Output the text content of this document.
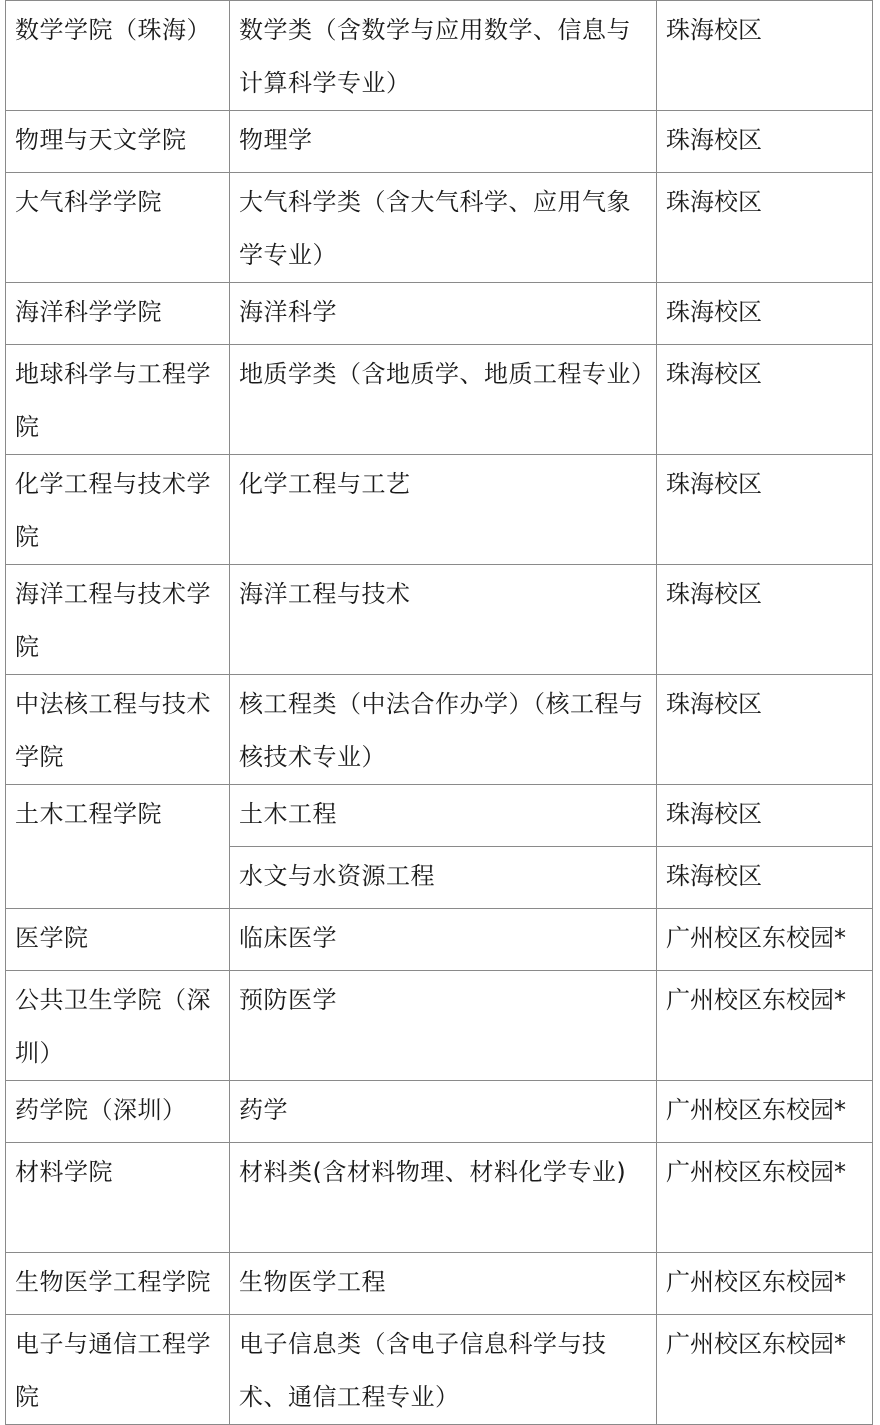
数学学院（珠海）	数学类（含数学与应用数学、信息与计算科学专业）	珠海校区
物理与天文学院	物理学	珠海校区
大气科学学院	大气科学类（含大气科学、应用气象学专业）	珠海校区
海洋科学学院	海洋科学	珠海校区
地球科学与工程学院	地质学类（含地质学、地质工程专业）	珠海校区
化学工程与技术学院	化学工程与工艺	珠海校区
海洋工程与技术学院	海洋工程与技术	珠海校区
中法核工程与技术学院	核工程类（中法合作办学）（核工程与核技术专业）	珠海校区
土木工程学院	土木工程	珠海校区
	水文与水资源工程	珠海校区
医学院	临床医学	广州校区东校园*
公共卫生学院（深圳）	预防医学	广州校区东校园*
药学院（深圳）	药学	广州校区东校园*
材料学院	材料类(含材料物理、材料化学专业)	广州校区东校园*
生物医学工程学院	生物医学工程	广州校区东校园*
电子与通信工程学院	电子信息类（含电子信息科学与技术、通信工程专业）	广州校区东校园*
